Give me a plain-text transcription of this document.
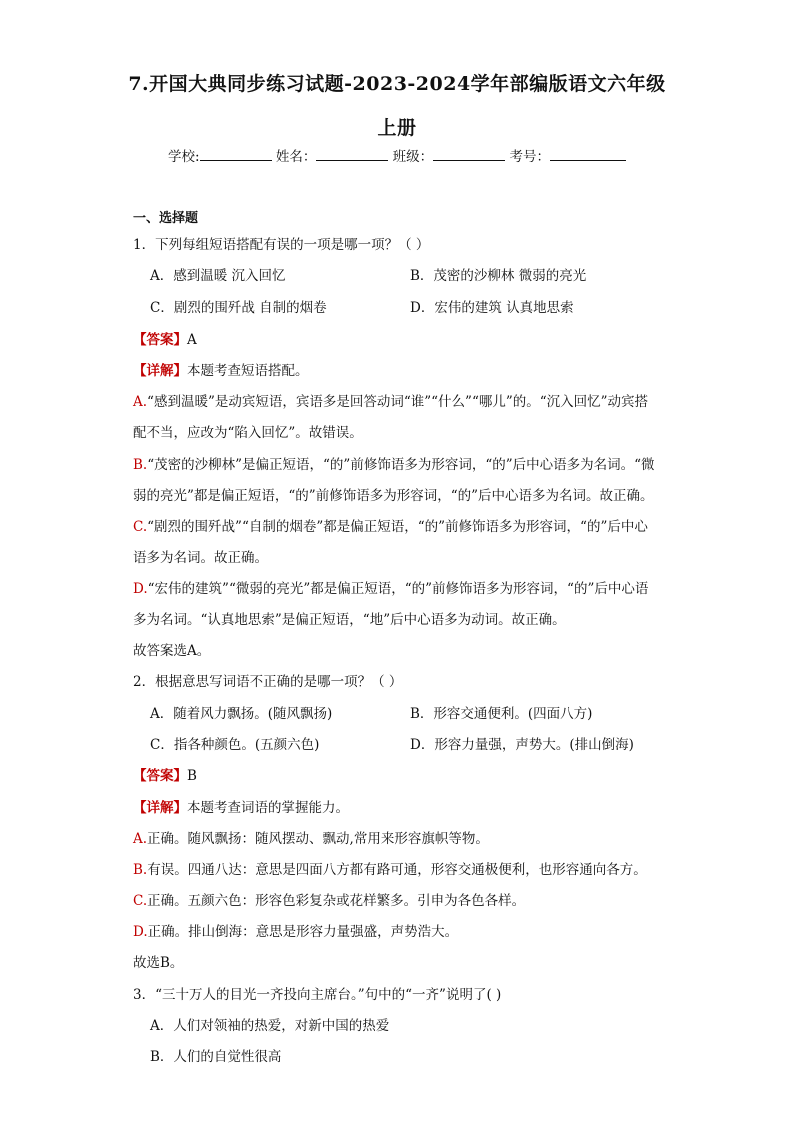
7.开国大典同步练习试题-2023-2024学年部编版语文六年级
上册
学校:	姓名：	班级：	考号：
一、选择题
1．下列每组短语搭配有误的一项是哪一项？（ ）
A．感到温暖 沉入回忆	B．茂密的沙柳林 微弱的亮光
C．剧烈的围歼战 自制的烟卷	D．宏伟的建筑 认真地思索
【答案】A
【详解】本题考查短语搭配。
A.“感到温暖”是动宾短语，宾语多是回答动词“谁”“什么”“哪儿”的。“沉入回忆”动宾搭
配不当，应改为“陷入回忆”。故错误。
B.“茂密的沙柳林”是偏正短语，“的”前修饰语多为形容词，“的”后中心语多为名词。“微
弱的亮光”都是偏正短语，“的”前修饰语多为形容词，“的”后中心语多为名词。故正确。
C.“剧烈的围歼战”“自制的烟卷”都是偏正短语，“的”前修饰语多为形容词，“的”后中心
语多为名词。故正确。
D.“宏伟的建筑”“微弱的亮光”都是偏正短语，“的”前修饰语多为形容词，“的”后中心语
多为名词。“认真地思索”是偏正短语，“地”后中心语多为动词。故正确。
故答案选A。
2．根据意思写词语不正确的是哪一项？（ ）
A．随着风力飘扬。(随风飘扬)	B．形容交通便利。(四面八方)
C．指各种颜色。(五颜六色)	D．形容力量强，声势大。(排山倒海)
【答案】B
【详解】本题考查词语的掌握能力。
A.正确。随风飘扬：随风摆动、飘动,常用来形容旗帜等物。
B.有误。四通八达：意思是四面八方都有路可通，形容交通极便利，也形容通向各方。
C.正确。五颜六色：形容色彩复杂或花样繁多。引申为各色各样。
D.正确。排山倒海：意思是形容力量强盛，声势浩大。
故选B。
3．“三十万人的目光一齐投向主席台。”句中的“一齐”说明了( )
A．人们对领袖的热爱，对新中国的热爱
B．人们的自觉性很高
